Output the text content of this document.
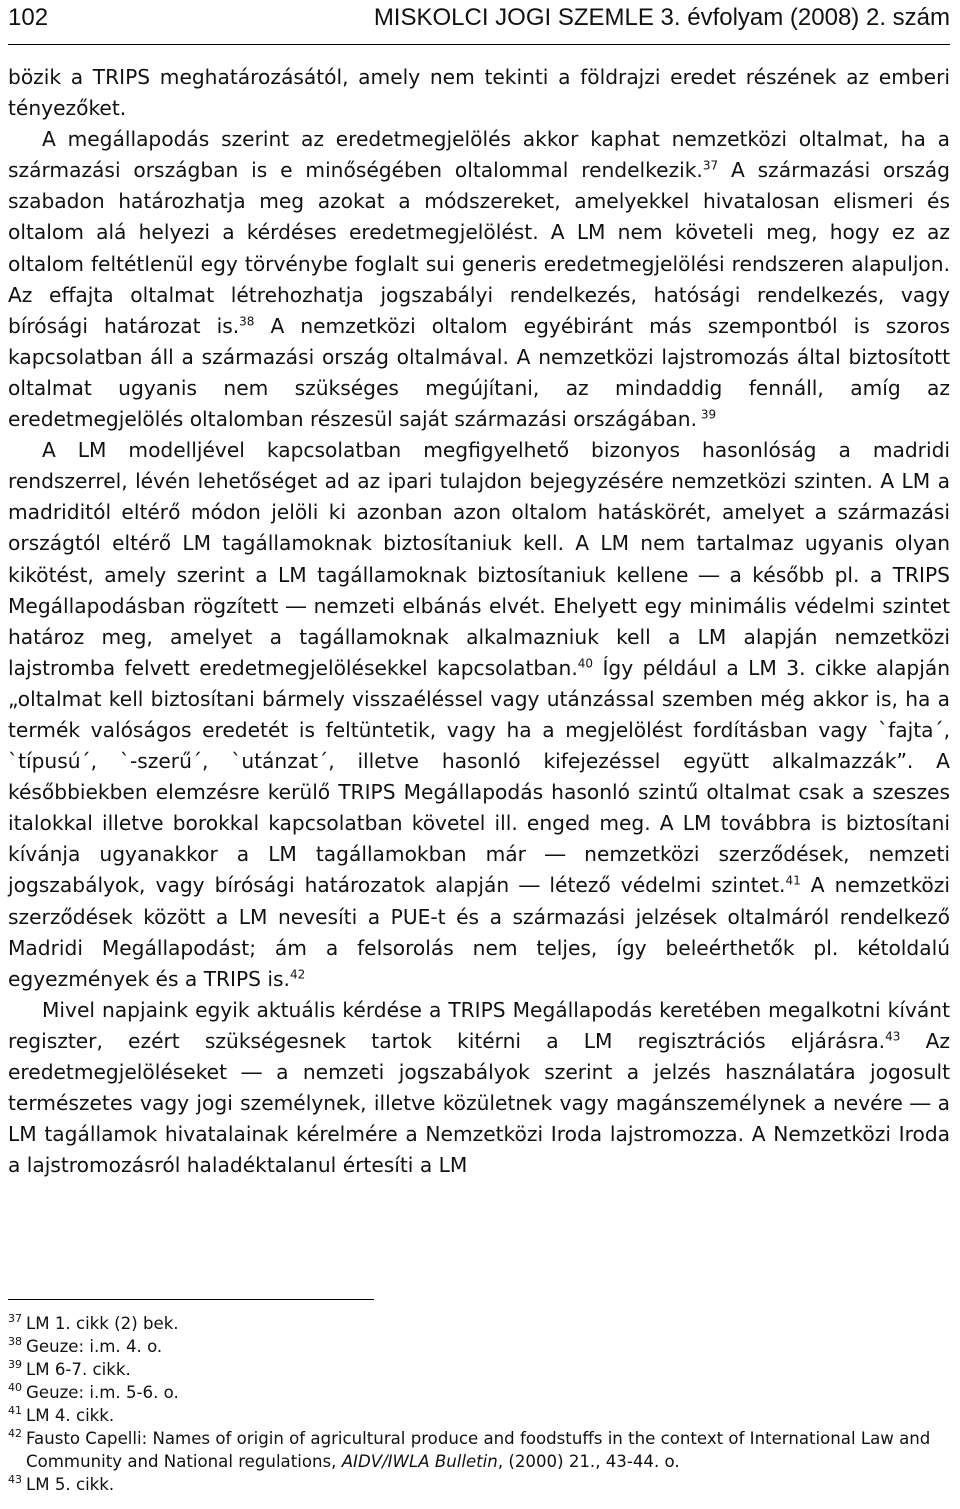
102	MISKOLCI JOGI SZEMLE 3. évfolyam (2008) 2. szám

bözik a TRIPS meghatározásától, amely nem tekinti a földrajzi eredet részének az emberi tényezőket.

A megállapodás szerint az eredetmegjelölés akkor kaphat nemzetközi oltalmat, ha a származási országban is e minőségében oltalommal rendelkezik.$^{37}$ A származási ország szabadon határozhatja meg azokat a módszereket, amelyekkel hivatalosan elismeri és oltalom alá helyezi a kérdéses eredetmegjelölést. A LM nem követeli meg, hogy ez az oltalom feltétlenül egy törvénybe foglalt sui generis eredetmegjelölési rendszeren alapuljon. Az effajta oltalmat létrehozhatja jogszabályi rendelkezés, hatósági rendelkezés, vagy bírósági határozat is.$^{38}$ A nemzetközi oltalom egyébiránt más szempontból is szoros kapcsolatban áll a származási ország oltalmával. A nemzetközi lajstromozás által biztosított oltalmat ugyanis nem szükséges megújítani, az mindaddig fennáll, amíg az eredetmegjelölés oltalomban részesül saját származási országában. $^{39}$

A LM modelljével kapcsolatban megfigyelhető bizonyos hasonlóság a madridi rendszerrel, lévén lehetőséget ad az ipari tulajdon bejegyzésére nemzetközi szinten. A LM a madriditól eltérő módon jelöli ki azonban azon oltalom hatáskörét, amelyet a származási országtól eltérő LM tagállamoknak biztosítaniuk kell. A LM nem tartalmaz ugyanis olyan kikötést, amely szerint a LM tagállamoknak biztosítaniuk kellene ― a később pl. a TRIPS Megállapodásban rögzített ― nemzeti elbánás elvét. Ehelyett egy minimális védelmi szintet határoz meg, amelyet a tagállamoknak alkalmazniuk kell a LM alapján nemzetközi lajstromba felvett eredetmegjelölésekkel kapcsolatban.$^{40}$ Így például a LM 3. cikke alapján „oltalmat kell biztosítani bármely visszaéléssel vagy utánzással szemben még akkor is, ha a termék valóságos eredetét is feltüntetik, vagy ha a megjelölést fordításban vagy `fajta´, `típusú´, `-szerű´, `utánzat´, illetve hasonló kifejezéssel együtt alkalmazzák”. A későbbiekben elemzésre kerülő TRIPS Megállapodás hasonló szintű oltalmat csak a szeszes italokkal illetve borokkal kapcsolatban követel ill. enged meg. A LM továbbra is biztosítani kívánja ugyanakkor a LM tagállamokban már ― nemzetközi szerződések, nemzeti jogszabályok, vagy bírósági határozatok alapján ― létező védelmi szintet.$^{41}$ A nemzetközi szerződések között a LM nevesíti a PUE-t és a származási jelzések oltalmáról rendelkező Madridi Megállapodást; ám a felsorolás nem teljes, így beleérthetők pl. kétoldalú egyezmények és a TRIPS is.$^{42}$

Mivel napjaink egyik aktuális kérdése a TRIPS Megállapodás keretében megalkotni kívánt regiszter, ezért szükségesnek tartok kitérni a LM regisztrációs eljárásra.$^{43}$ Az eredetmegjelöléseket ― a nemzeti jogszabályok szerint a jelzés használatára jogosult természetes vagy jogi személynek, illetve közületnek vagy magánszemélynek a nevére ― a LM tagállamok hivatalainak kérelmére a Nemzetközi Iroda lajstromozza. A Nemzetközi Iroda a lajstromozásról haladéktalanul értesíti a LM

37 LM 1. cikk (2) bek.
38 Geuze: i.m. 4. o.
39 LM 6-7. cikk.
40 Geuze: i.m. 5-6. o.
41 LM 4. cikk.
42 Fausto Capelli: Names of origin of agricultural produce and foodstuffs in the context of International Law and Community and National regulations, AIDV/IWLA Bulletin, (2000) 21., 43-44. o.
43 LM 5. cikk.
